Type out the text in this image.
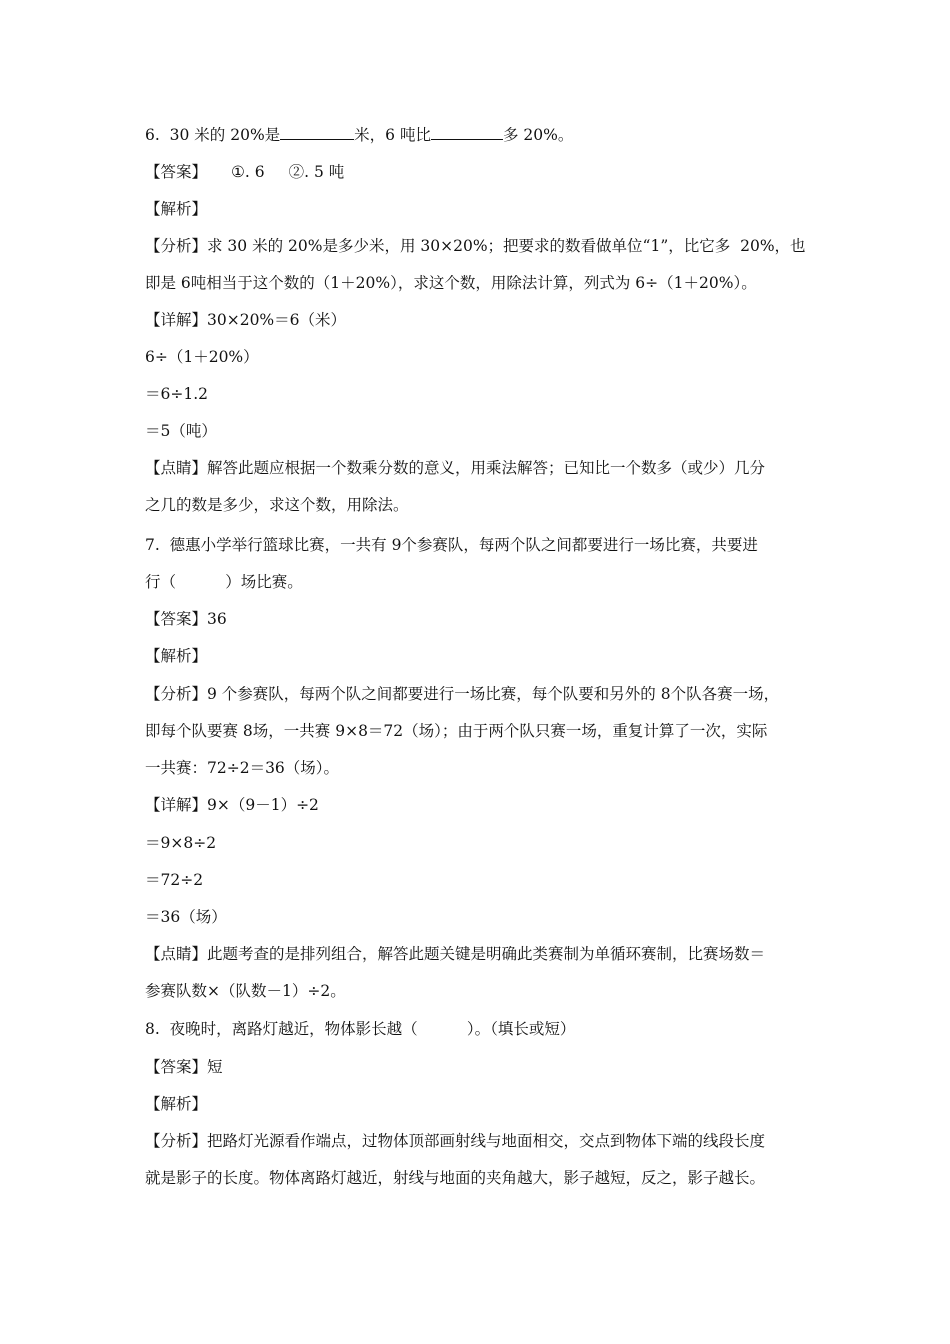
6.  30 米的 20%是	米，6 吨比	多 20%。
【答案】 ①. 6 ②. 5 吨
【解析】
【分析】求 30 米的 20%是多少米，用 30×20%；把要求的数看做单位“1”，比它多  20%，也
即是 6吨相当于这个数的（1＋20%），求这个数，用除法计算，列式为 6÷（1＋20%）。
【详解】30×20%＝6（米）
6÷（1＋20%）
＝6÷1.2
＝5（吨）
【点睛】解答此题应根据一个数乘分数的意义，用乘法解答；已知比一个数多（或少）几分
之几的数是多少，求这个数，用除法。
7.  德惠小学举行篮球比赛，一共有 9个参赛队，每两个队之间都要进行一场比赛，共要进
行（          ）场比赛。
【答案】36
【解析】
【分析】9 个参赛队，每两个队之间都要进行一场比赛，每个队要和另外的 8个队各赛一场，
即每个队要赛 8场，一共赛 9×8＝72（场）；由于两个队只赛一场，重复计算了一次，实际
一共赛：72÷2＝36（场）。
【详解】9×（9－1）÷2
＝9×8÷2
＝72÷2
＝36（场）
【点睛】此题考查的是排列组合，解答此题关键是明确此类赛制为单循环赛制，比赛场数＝
参赛队数×（队数－1）÷2。
8.  夜晚时，离路灯越近，物体影长越（          ）。（填长或短）
【答案】短
【解析】
【分析】把路灯光源看作端点，过物体顶部画射线与地面相交，交点到物体下端的线段长度
就是影子的长度。物体离路灯越近，射线与地面的夹角越大，影子越短，反之，影子越长。
